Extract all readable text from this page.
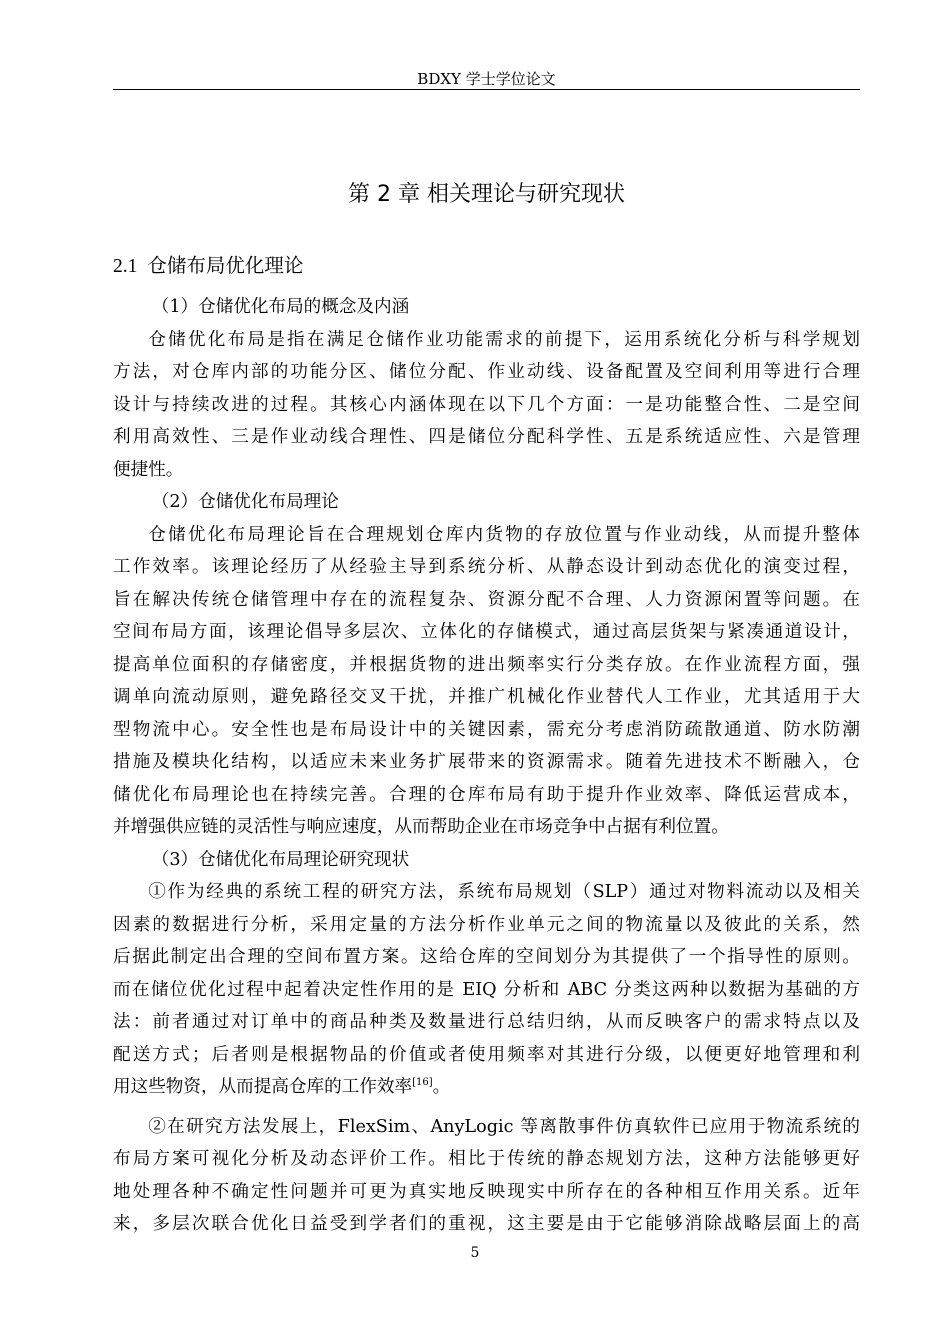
BDXY 学士学位论文
第 2 章 相关理论与研究现状
2.1 仓储布局优化理论
（1）仓储优化布局的概念及内涵
仓储优化布局是指在满足仓储作业功能需求的前提下，运用系统化分析与科学规划
方法，对仓库内部的功能分区、储位分配、作业动线、设备配置及空间利用等进行合理
设计与持续改进的过程。其核心内涵体现在以下几个方面：一是功能整合性、二是空间
利用高效性、三是作业动线合理性、四是储位分配科学性、五是系统适应性、六是管理
便捷性。
（2）仓储优化布局理论
仓储优化布局理论旨在合理规划仓库内货物的存放位置与作业动线，从而提升整体
工作效率。该理论经历了从经验主导到系统分析、从静态设计到动态优化的演变过程，
旨在解决传统仓储管理中存在的流程复杂、资源分配不合理、人力资源闲置等问题。在
空间布局方面，该理论倡导多层次、立体化的存储模式，通过高层货架与紧凑通道设计，
提高单位面积的存储密度，并根据货物的进出频率实行分类存放。在作业流程方面，强
调单向流动原则，避免路径交叉干扰，并推广机械化作业替代人工作业，尤其适用于大
型物流中心。安全性也是布局设计中的关键因素，需充分考虑消防疏散通道、防水防潮
措施及模块化结构，以适应未来业务扩展带来的资源需求。随着先进技术不断融入，仓
储优化布局理论也在持续完善。合理的仓库布局有助于提升作业效率、降低运营成本，
并增强供应链的灵活性与响应速度，从而帮助企业在市场竞争中占据有利位置。
（3）仓储优化布局理论研究现状
①作为经典的系统工程的研究方法，系统布局规划（SLP）通过对物料流动以及相关
因素的数据进行分析，采用定量的方法分析作业单元之间的物流量以及彼此的关系，然
后据此制定出合理的空间布置方案。这给仓库的空间划分为其提供了一个指导性的原则。
而在储位优化过程中起着决定性作用的是 EIQ 分析和 ABC 分类这两种以数据为基础的方
法：前者通过对订单中的商品种类及数量进行总结归纳，从而反映客户的需求特点以及
配送方式；后者则是根据物品的价值或者使用频率对其进行分级，以便更好地管理和利
用这些物资，从而提高仓库的工作效率[16]。
②在研究方法发展上，FlexSim、AnyLogic 等离散事件仿真软件已应用于物流系统的
布局方案可视化分析及动态评价工作。相比于传统的静态规划方法，这种方法能够更好
地处理各种不确定性问题并可更为真实地反映现实中所存在的各种相互作用关系。近年
来，多层次联合优化日益受到学者们的重视，这主要是由于它能够消除战略层面上的高
5
